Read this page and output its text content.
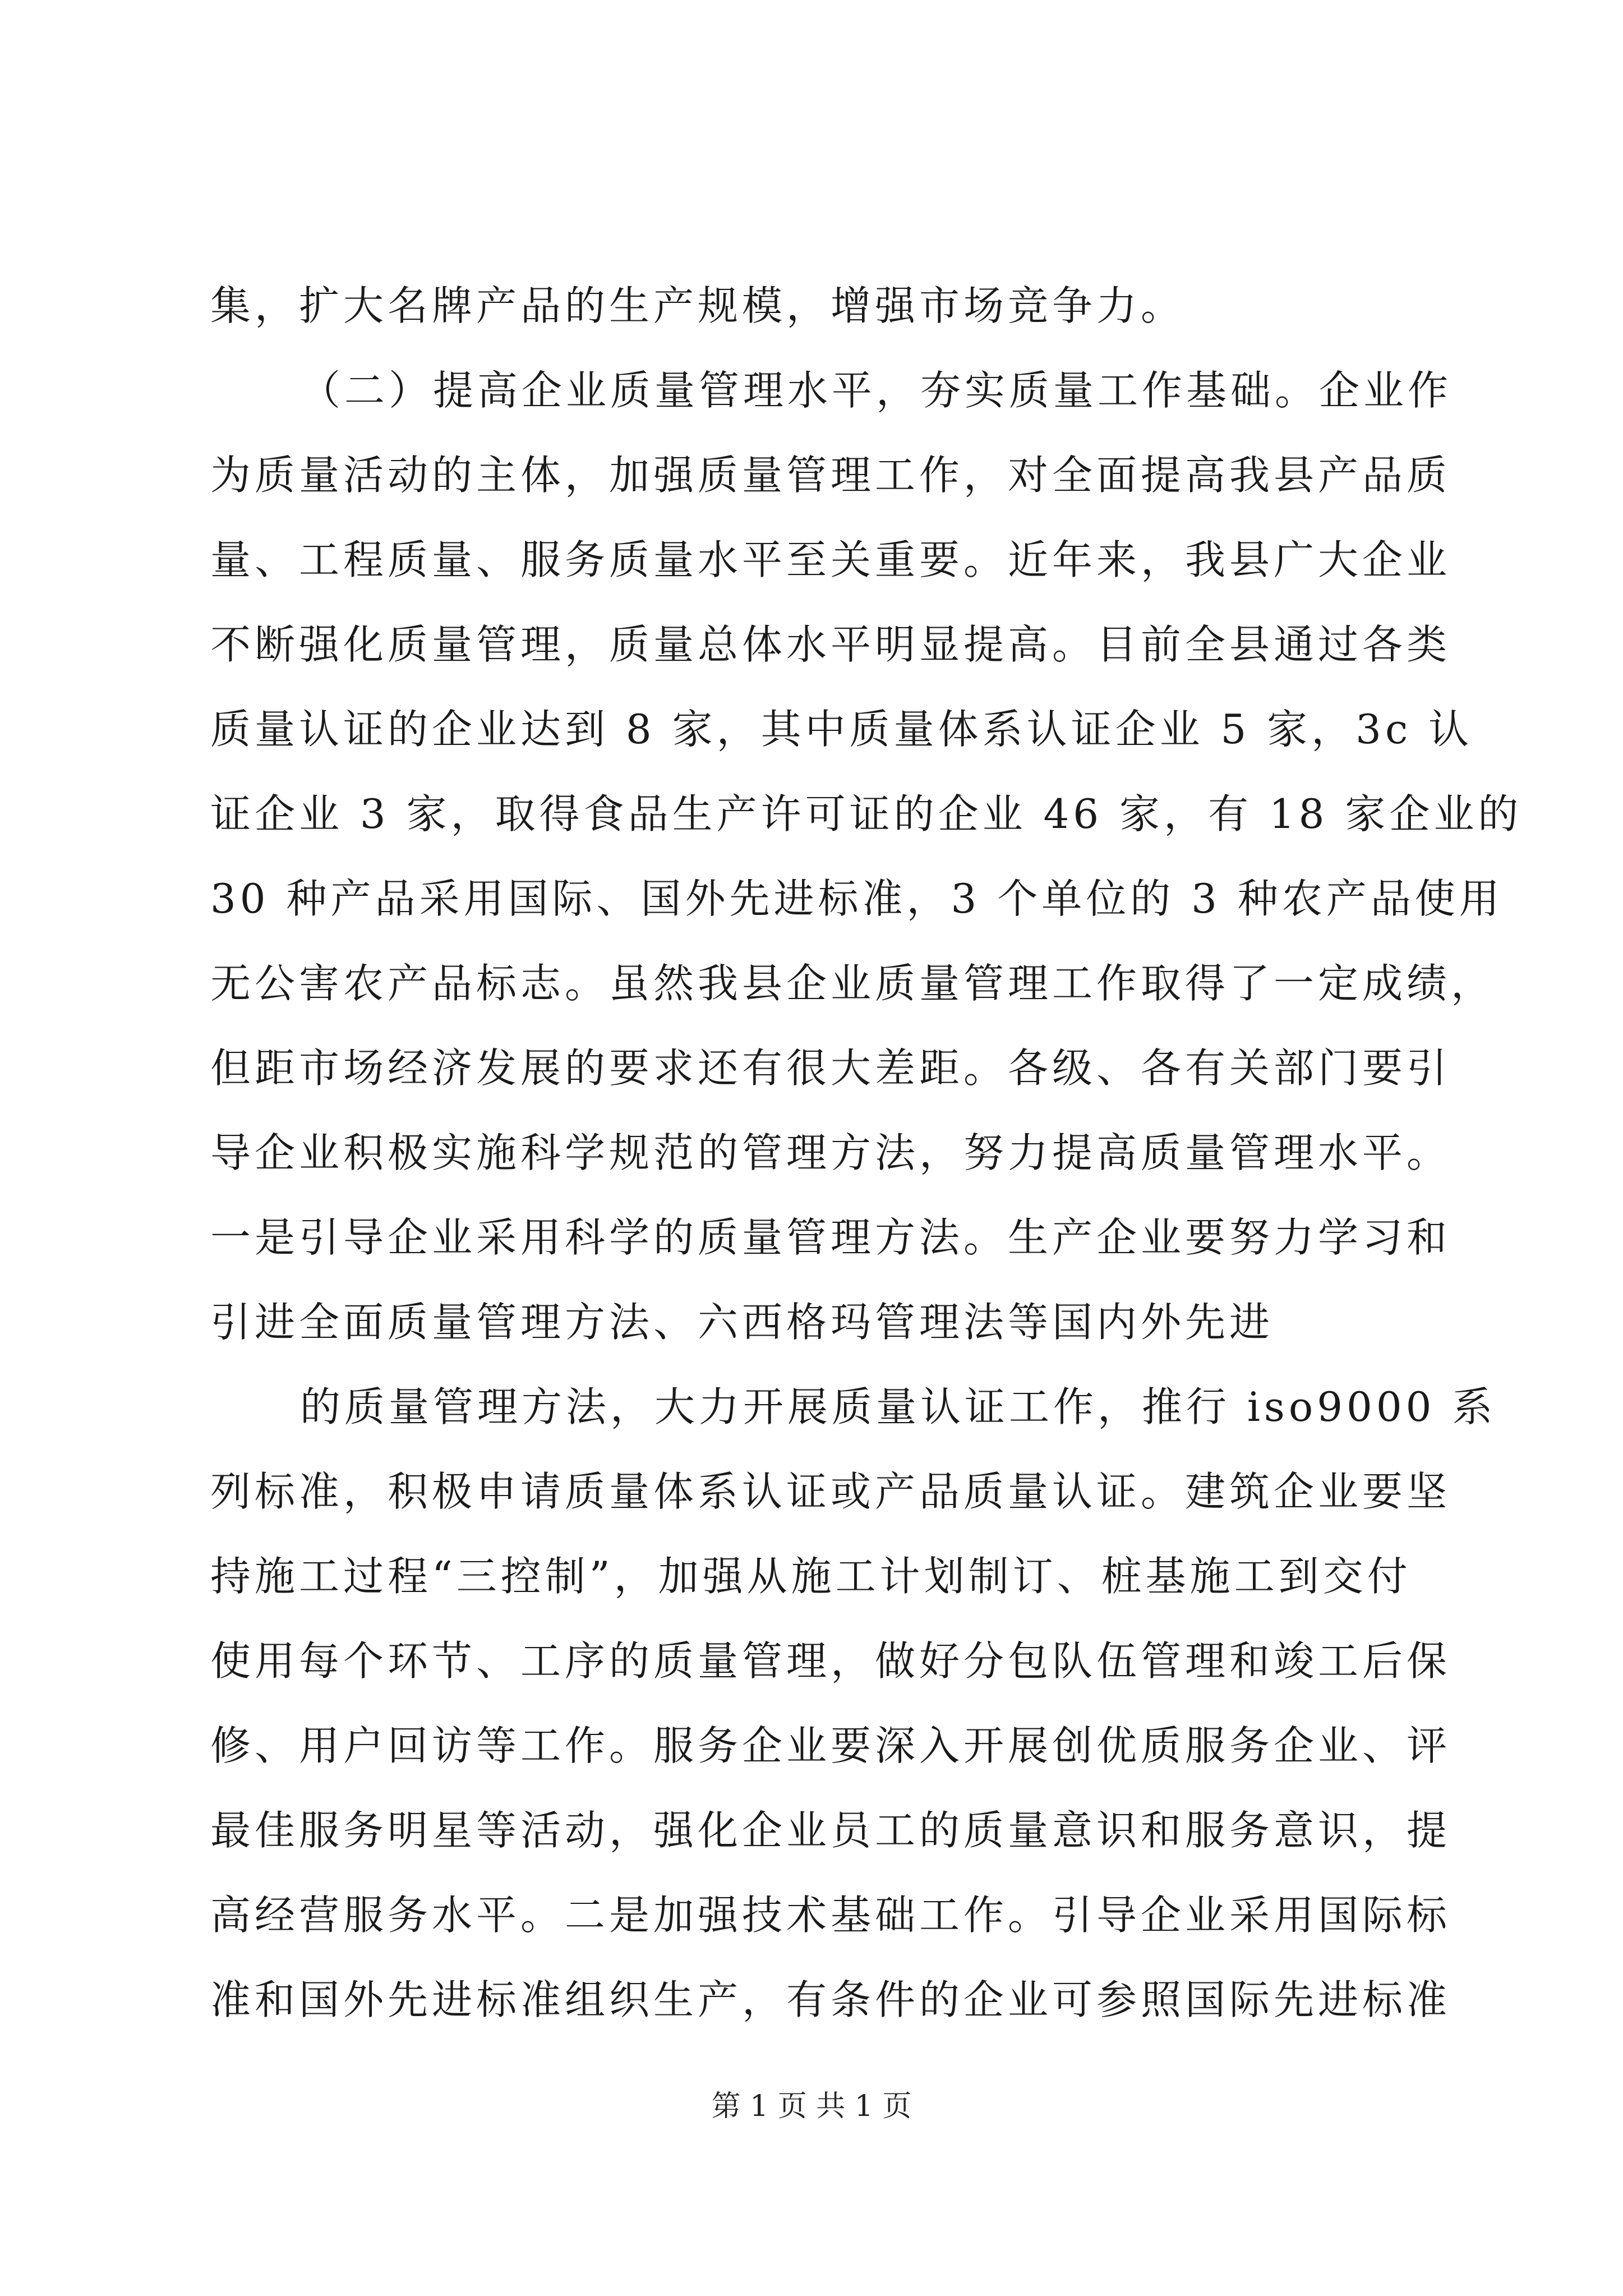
集，扩大名牌产品的生产规模，增强市场竞争力。
（二）提高企业质量管理水平，夯实质量工作基础。企业作
为质量活动的主体，加强质量管理工作，对全面提高我县产品质
量、工程质量、服务质量水平至关重要。近年来，我县广大企业
不断强化质量管理，质量总体水平明显提高。目前全县通过各类
质量认证的企业达到 8 家，其中质量体系认证企业 5 家，3c 认
证企业 3 家，取得食品生产许可证的企业 46 家，有 18 家企业的
30 种产品采用国际、国外先进标准，3 个单位的 3 种农产品使用
无公害农产品标志。虽然我县企业质量管理工作取得了一定成绩，
但距市场经济发展的要求还有很大差距。各级、各有关部门要引
导企业积极实施科学规范的管理方法，努力提高质量管理水平。
一是引导企业采用科学的质量管理方法。生产企业要努力学习和
引进全面质量管理方法、六西格玛管理法等国内外先进
的质量管理方法，大力开展质量认证工作，推行 iso9000 系
列标准，积极申请质量体系认证或产品质量认证。建筑企业要坚
持施工过程“三控制”，加强从施工计划制订、桩基施工到交付
使用每个环节、工序的质量管理，做好分包队伍管理和竣工后保
修、用户回访等工作。服务企业要深入开展创优质服务企业、评
最佳服务明星等活动，强化企业员工的质量意识和服务意识，提
高经营服务水平。二是加强技术基础工作。引导企业采用国际标
准和国外先进标准组织生产，有条件的企业可参照国际先进标准
第 1 页 共 1 页
